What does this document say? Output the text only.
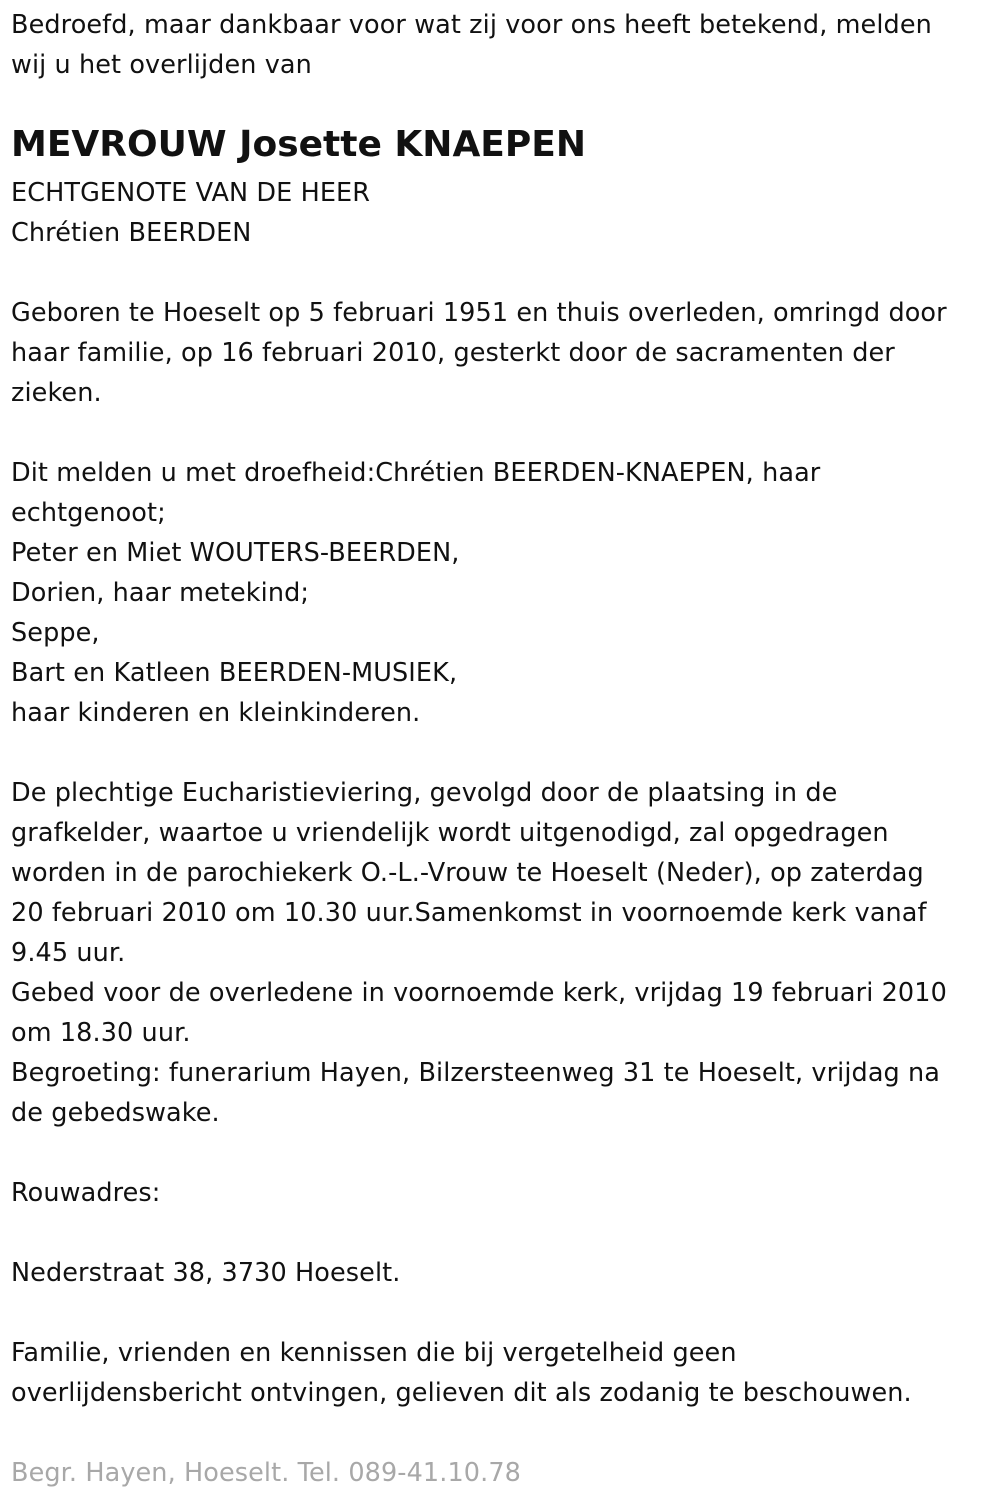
Bedroefd, maar dankbaar voor wat zij voor ons heeft betekend, melden
wij u het overlijden van
MEVROUW Josette KNAEPEN
ECHTGENOTE VAN DE HEER
Chrétien BEERDEN
Geboren te Hoeselt op 5 februari 1951 en thuis overleden, omringd door
haar familie, op 16 februari 2010, gesterkt door de sacramenten der
zieken.
Dit melden u met droefheid:Chrétien BEERDEN-KNAEPEN, haar
echtgenoot;
Peter en Miet WOUTERS-BEERDEN,
Dorien, haar metekind;
Seppe,
Bart en Katleen BEERDEN-MUSIEK,
haar kinderen en kleinkinderen.
De plechtige Eucharistieviering, gevolgd door de plaatsing in de
grafkelder, waartoe u vriendelijk wordt uitgenodigd, zal opgedragen
worden in de parochiekerk O.-L.-Vrouw te Hoeselt (Neder), op zaterdag
20 februari 2010 om 10.30 uur.Samenkomst in voornoemde kerk vanaf
9.45 uur.
Gebed voor de overledene in voornoemde kerk, vrijdag 19 februari 2010
om 18.30 uur.
Begroeting: funerarium Hayen, Bilzersteenweg 31 te Hoeselt, vrijdag na
de gebedswake.
Rouwadres:
Nederstraat 38, 3730 Hoeselt.
Familie, vrienden en kennissen die bij vergetelheid geen
overlijdensbericht ontvingen, gelieven dit als zodanig te beschouwen.
Begr. Hayen, Hoeselt. Tel. 089-41.10.78
